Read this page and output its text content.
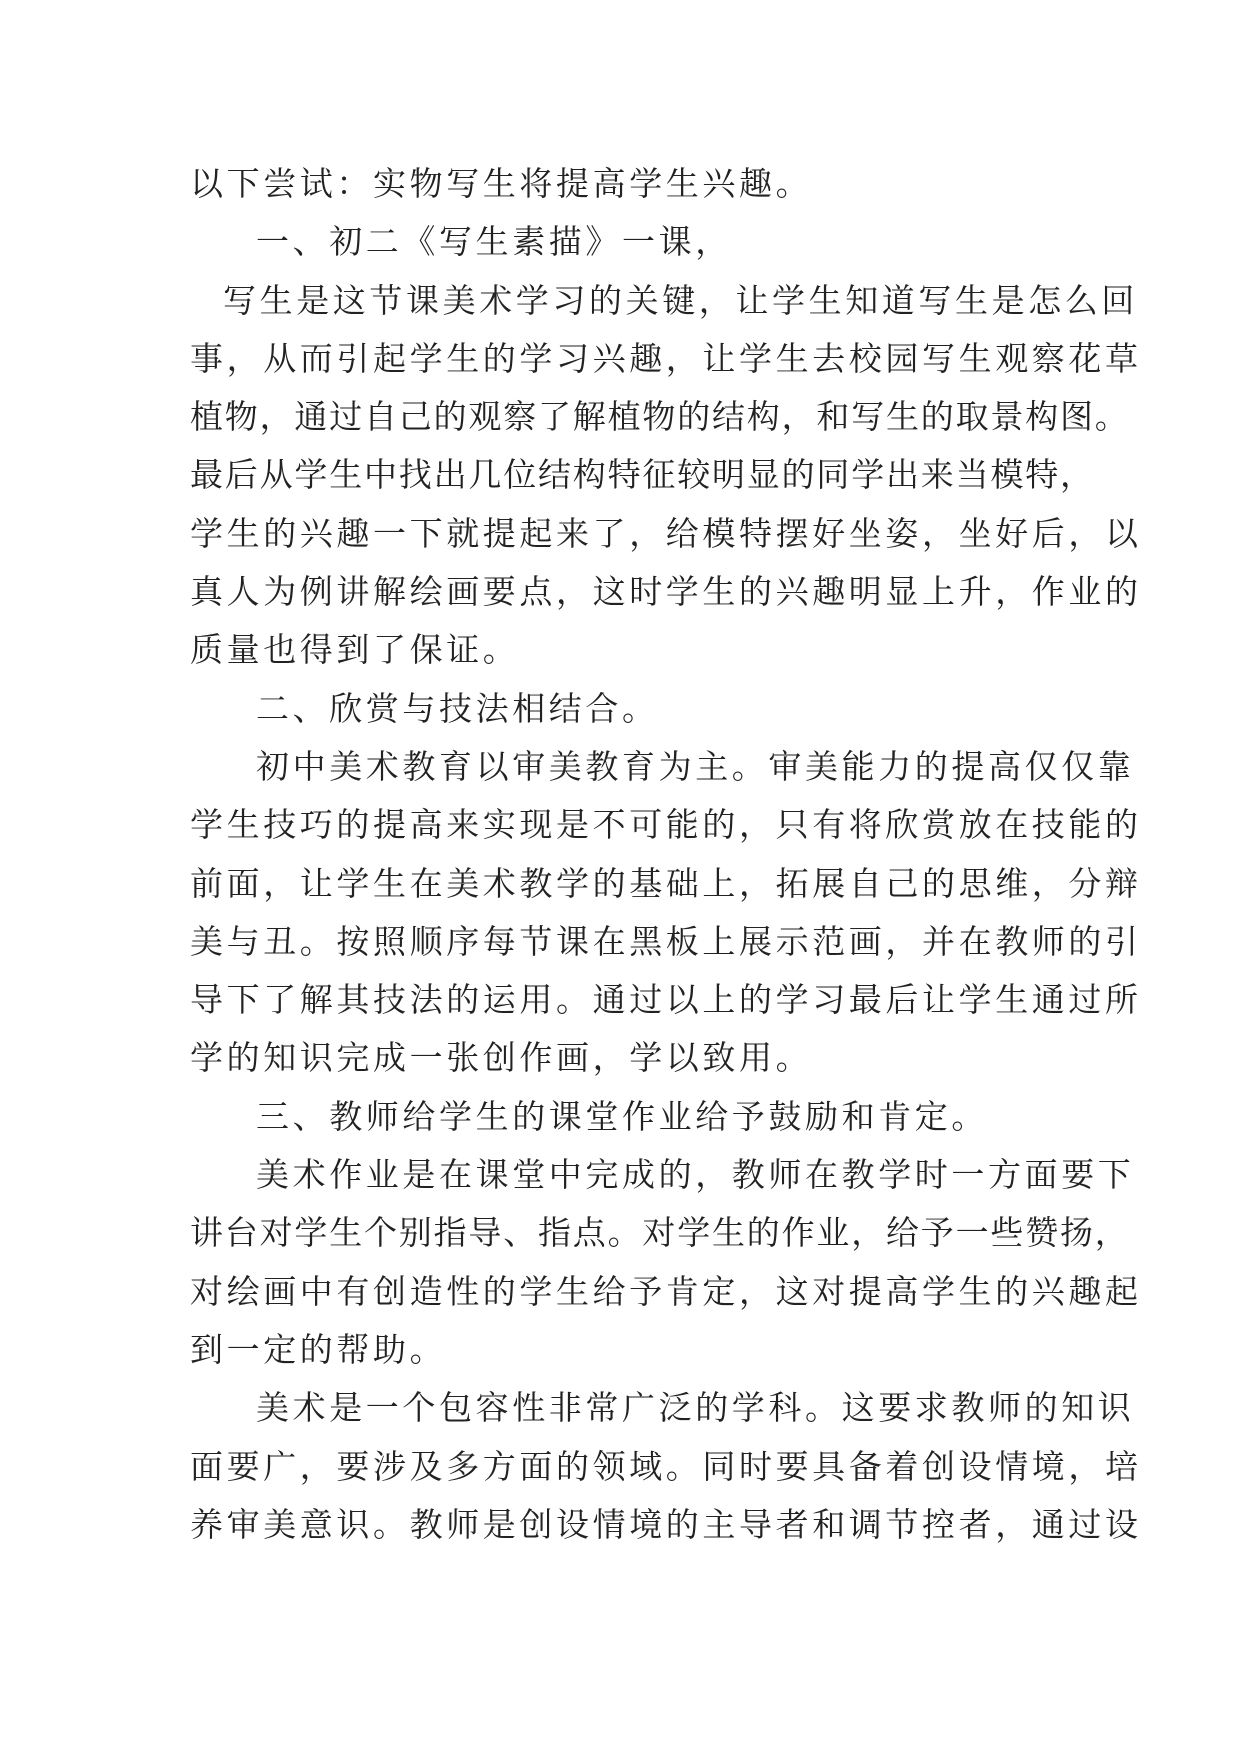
以下尝试：实物写生将提高学生兴趣。
一、初二《写生素描》一课，
写生是这节课美术学习的关键，让学生知道写生是怎么回
事，从而引起学生的学习兴趣，让学生去校园写生观察花草
植物，通过自己的观察了解植物的结构，和写生的取景构图。
最后从学生中找出几位结构特征较明显的同学出来当模特，
学生的兴趣一下就提起来了，给模特摆好坐姿，坐好后，以
真人为例讲解绘画要点，这时学生的兴趣明显上升，作业的
质量也得到了保证。
二、欣赏与技法相结合。
初中美术教育以审美教育为主。审美能力的提高仅仅靠
学生技巧的提高来实现是不可能的，只有将欣赏放在技能的
前面，让学生在美术教学的基础上，拓展自己的思维，分辩
美与丑。按照顺序每节课在黑板上展示范画，并在教师的引
导下了解其技法的运用。通过以上的学习最后让学生通过所
学的知识完成一张创作画，学以致用。
三、教师给学生的课堂作业给予鼓励和肯定。
美术作业是在课堂中完成的，教师在教学时一方面要下
讲台对学生个别指导、指点。对学生的作业，给予一些赞扬，
对绘画中有创造性的学生给予肯定，这对提高学生的兴趣起
到一定的帮助。
美术是一个包容性非常广泛的学科。这要求教师的知识
面要广，要涉及多方面的领域。同时要具备着创设情境，培
养审美意识。教师是创设情境的主导者和调节控者，通过设
